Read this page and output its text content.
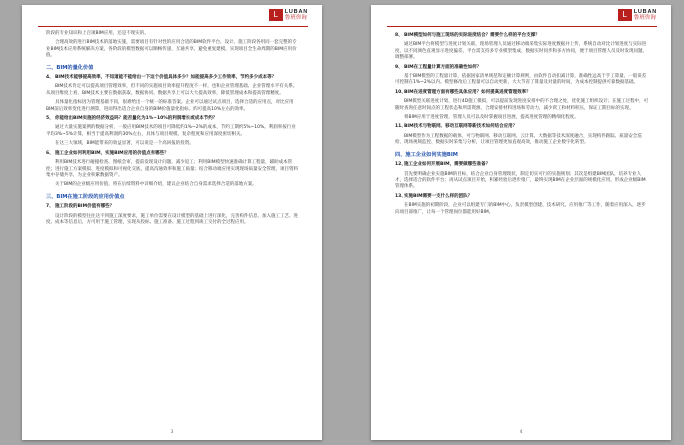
L	LUBAN
鲁班咨询
阶段的专业知识和上百项BIM应用，还是不现实的。
合理高效的进行BIM技术的落地实施，需要项目有针对性的应用合适的BIM软件平台，设计、施工阶段各用同一套完整的专业BIM技术应用系统解决方案，各阶段的模型数据可以顺畅传递、互通共享，避免重复建模，实现项目全生命周期的BIM应用价值。
二、BIM的量化价值
4、BIM技术能够提高效率，不知道能不能给出一下这个价值具体多少？如能提高多少工作效率，节约多少成本等？
BIM技术肯定可以提高项目管理效率，但不同的实施项目效率提升程度不一样，也和企业管理基础、企业管理水平有关系。从项目维度上看，BIM技术主要在数据获取、数据协同、数据共享上可以大大提高效率，降低管理成本和提高管理精度。
具体量化指标因为管理基础不同，很难给出一个统一的标准答案。企业可以通过试点项目，选择合适的应用点，对比应用BIM前后效率变化进行测算，进而得出适合企业自身的BIM价值量化指标，约可提高10%左右的效率。
5、你能给出BIM实施的经济效益吗？能否量化为1%~10%的利润增长或成本节约？
通过大量实施案例的数据分析，一般应用BIM技术的项目可降低约1%~2%的成本，节约工期约5%~10%。利润率按行业平均3%~5%计算，相当于提高利润约30%左右，具体与项目规模、复杂程度和应用深度密切相关。
在这三大领域，BIM能带来的效益显著，可以说是一个高回报的投资。
6、施工企业如何利用BIM，实施BIM应用的价值点有哪些？
利用BIM技术进行碰撞检查、图纸会审，提前发现设计问题，减少返工；利用BIM模型快速准确计算工程量，辅助成本管控；进行施工方案模拟、进度模拟和可视化交底，提高沟通效率和施工质量；结合移动端应用实现现场质量安全管理，项目资料集中存储共享，为企业积累数据资产。
关于BIM的企业级应用价值，将在后续资料中详细介绍，建议企业结合自身需求选择合适的落地方案。
三、BIM在施工阶段的应用价值点
7、施工阶段的BIM价值有哪些？
设计阶段的模型往往达不到施工深度要求，施工单位需要在设计模型的基础上进行深化，完善构件信息，加入施工工艺、进度、成本等信息后，方可用于施工管理，实现从投标、施工准备、施工过程到竣工交付的全过程应用。
3
L	LUBAN
鲁班咨询
8、BIM模型如何与施工现场的实际进度结合？需要什么样的平台支撑？
通过BIM平台将模型与进度计划关联，现场管理人员通过移动端采集实际进度数据并上传，系统自动对比计划进度与实际进度，以不同颜色直观显示进度偏差。平台需支持多专业模型集成、数据实时同步和多方协同，便于项目管理人员及时发现问题、调整部署。
9、BIM在工程量计算方面的准确性如何？
基于BIM模型的工程量计算，依据国家清单规范和定额计算规则，由软件自动扣减计算，准确性远高于手工算量，一般误差可控制在1%~2%以内。模型修改后工程量可以自动更新，大大节省了算量及对量的时间，为成本控制提供可靠数据基础。
10、BIM在进度管理方面有哪些具体应用？如何提高进度管理效率？
BIM模型关联进度计划，进行4D施工模拟，可以提前发现进度安排中的不合理之处，优化施工组织设计；在施工过程中，可随时查询任意时间点的工程状态和所需资源，合理安排材料进场和劳动力，减少窝工和材料积压，保证工期目标的实现。
将BIM应用于进度管理，管理人员可以及时掌握项目进展，提高进度管理的精细化程度。
11、BIM技术与物联网、移动互联网等新技术如何结合应用？
BIM模型作为工程数据的载体，可与物联网、移动互联网、云计算、大数据等技术深度融合，实现构件跟踪、质量安全巡检、现场视频监控、数据实时采集与分析，让项目管理更加直观高效，推动施工企业数字化转型。
四、施工企业如何实施BIM
12、施工企业如何开展BIM，需要做哪些准备？
首先要明确企业实施BIM的目标，结合企业自身管理现状，制定切实可行的实施规划；其次是组建BIM团队，培养专业人才，选择适合的软件平台；再从试点项目开始，积累经验后逐步推广，最终实现BIM在企业层面的规模化应用，形成企业级BIM管理体系。
13、实施BIM需要一支什么样的团队？
在BIM实施的初期阶段，企业可以组建专门的BIM中心，负责模型创建、技术研究、应用推广等工作，随着应用深入，逐步向项目部推广，让每一个管理岗位都能用好BIM。
4
